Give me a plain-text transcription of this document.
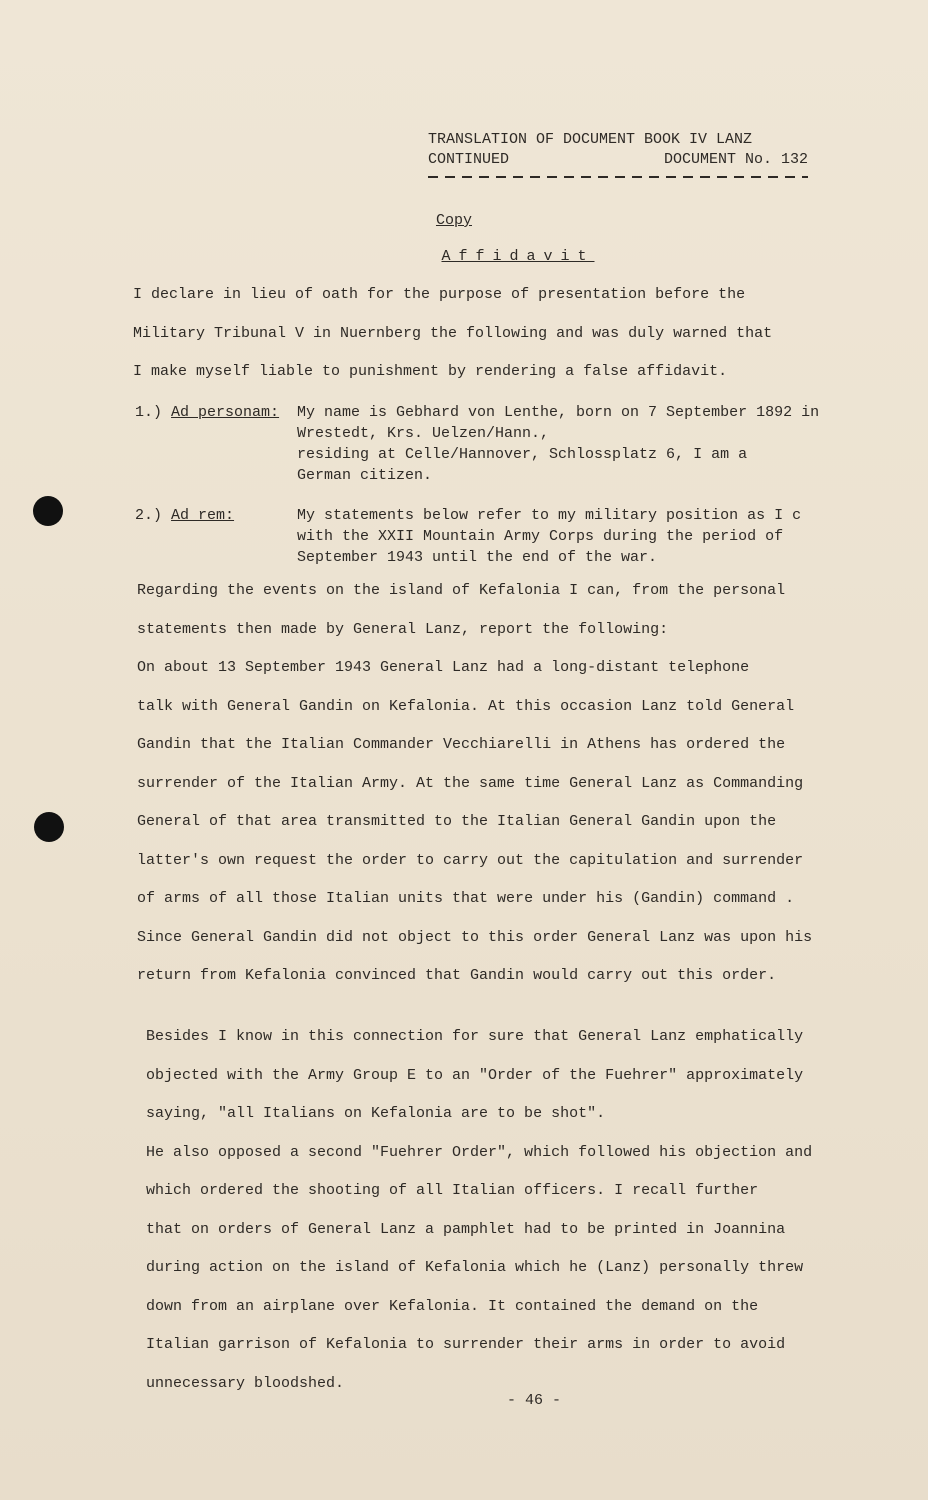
TRANSLATION OF DOCUMENT BOOK IV LANZ
CONTINUED	DOCUMENT No. 132
Copy
Affidavit
I declare in lieu of oath for the purpose of presentation before the
Military Tribunal V in Nuernberg the following and was duly warned that
I make myself liable to punishment by rendering a false affidavit.
1.) Ad personam:	My name is Gebhard von Lenthe, born on 7 September 1892 in
Wrestedt, Krs. Uelzen/Hann.,
residing at Celle/Hannover, Schlossplatz 6, I am a
German citizen.
2.) Ad rem:	My statements below refer to my military position as I c
with the XXII Mountain Army Corps during the period of
September 1943 until the end of the war.
Regarding the events on the island of Kefalonia I can, from the personal
statements then made by General Lanz, report the following:
On about 13 September 1943 General Lanz had a long-distant telephone
talk with General Gandin on Kefalonia. At this occasion Lanz told General
Gandin that the Italian Commander Vecchiarelli in Athens has ordered the
surrender of the Italian Army. At the same time General Lanz as Commanding
General of that area transmitted to the Italian General Gandin upon the
latter's own request the order to carry out the capitulation and surrender
of arms of all those Italian units that were under his (Gandin) command .
Since General Gandin did not object to this order General Lanz was upon his
return from Kefalonia convinced that Gandin would carry out this order.
Besides I know in this connection for sure that General Lanz emphatically
objected with the Army Group E to an "Order of the Fuehrer" approximately
saying, "all Italians on Kefalonia are to be shot".
He also opposed a second "Fuehrer Order", which followed his objection and
which ordered the shooting of all Italian officers. I recall further
that on orders of General Lanz a pamphlet had to be printed in Joannina
during action on the island of Kefalonia which he (Lanz) personally threw
down from an airplane over Kefalonia. It contained the demand on the
Italian garrison of Kefalonia to surrender their arms in order to avoid
unnecessary bloodshed.
- 46 -
